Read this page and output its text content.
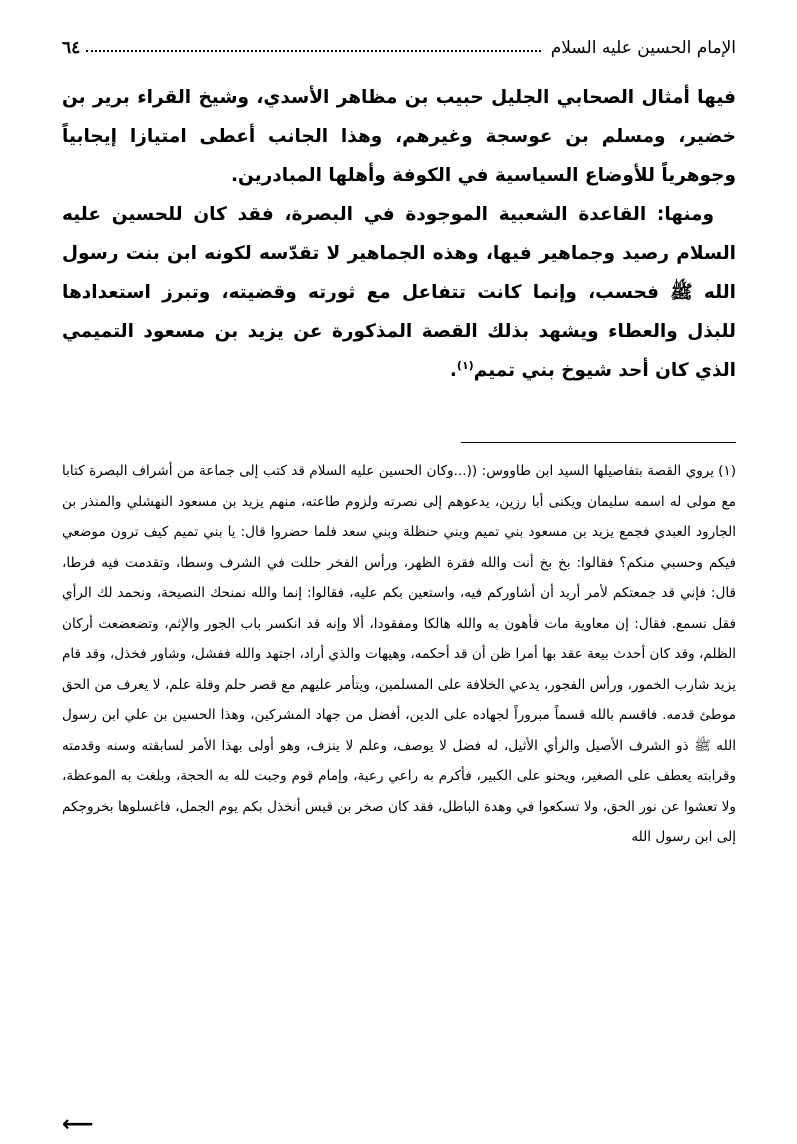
الإمام الحسين عليه السلام
٦٤

فيها أمثال الصحابي الجليل حبيب بن مظاهر الأسدي، وشيخ القراء برير بن خضير، ومسلم بن عوسجة وغيرهم، وهذا الجانب أعطى امتيازا إيجابياً وجوهرياً للأوضاع السياسية في الكوفة وأهلها المبادرين.

ومنها: القاعدة الشعبية الموجودة في البصرة، فقد كان للحسين عليه السلام رصيد وجماهير فيها، وهذه الجماهير لا تقدّسه لكونه ابن بنت رسول الله ﷺ فحسب، وإنما كانت تتفاعل مع ثورته وقضيته، وتبرز استعدادها للبذل والعطاء ويشهد بذلك القصة المذكورة عن يزيد بن مسعود التميمي الذي كان أحد شيوخ بني تميم$^{(١)}$.

(١)يروي القصة بتفاصيلها السيد ابن طاووس: ((...وكان الحسين عليه السلام قد كتب إلى جماعة من أشراف البصرة كتابا مع مولى له اسمه سليمان ويكنى أبا رزين، يدعوهم إلى نصرته ولزوم طاعته، منهم يزيد بن مسعود النهشلي والمنذر بن الجارود العبدي فجمع يزيد بن مسعود بني تميم وبني حنظلة وبني سعد فلما حضروا قال: يا بني تميم كيف ترون موضعي فيكم وحسبي منكم؟ فقالوا: بخ بخ أنت والله فقرة الظهر، ورأس الفخر حللت في الشرف وسطا، وتقدمت فيه فرطا، قال: فإني قد جمعتكم لأمر أريد أن أشاوركم فيه، واستعين بكم عليه، فقالوا: إنما والله نمنحك النصيحة، ونحمد لك الرأي فقل نسمع. فقال: إن معاوية مات فأهون به والله هالكا ومفقودا، ألا وإنه قد انكسر باب الجور والإثم، وتضعضعت أركان الظلم، وقد كان أحدث بيعة عقد بها أمرا ظن أن قد أحكمه، وهيهات والذي أراد، اجتهد والله ففشل، وشاور فخذل، وقد قام يزيد شارب الخمور، ورأس الفجور، يدعي الخلافة على المسلمين، ويتأمر عليهم مع قصر حلم وقلة علم، لا يعرف من الحق موطئ قدمه. فاقسم بالله قسماً مبروراً لجهاده على الدين، أفضل من جهاد المشركين، وهذا الحسين بن علي ابن رسول الله ﷺ ذو الشرف الأصيل والرأي الأثيل، له فضل لا يوصف، وعلم لا ينزف، وهو أولى بهذا الأمر لسابقته وسنه وقدمته وقرابته يعطف على الصغير، ويحنو على الكبير، فأكرم به راعي رعية، وإمام قوم وجبت لله به الحجة، وبلغت به الموعظة، ولا تعشوا عن نور الحق، ولا تسكعوا في وهدة الباطل، فقد كان صخر بن قيس أنخذل بكم يوم الجمل، فاغسلوها بخروجكم إلى ابن رسول الله

⟵
